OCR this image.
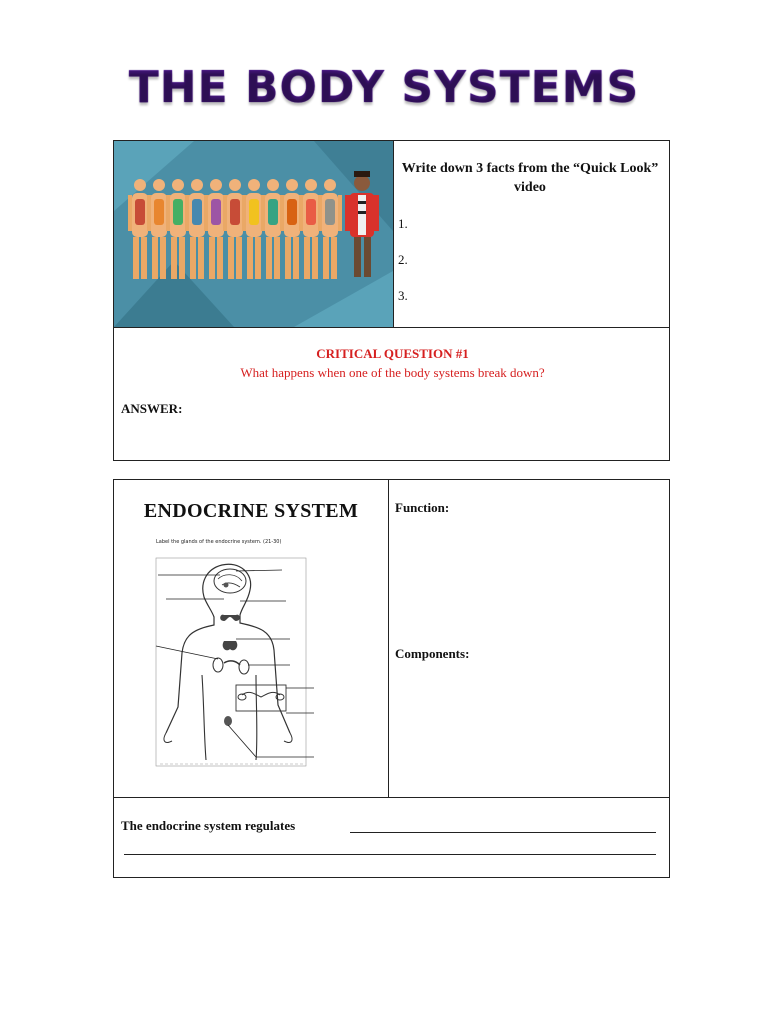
THE BODY SYSTEMS
Write down 3 facts from the “Quick Look” video
1.
2.
3.
CRITICAL QUESTION #1
What happens when one of the body systems break down?
ANSWER:
ENDOCRINE SYSTEM
Label the glands of the endocrine system. (21-30)
Function:
Components:
The endocrine system regulates
